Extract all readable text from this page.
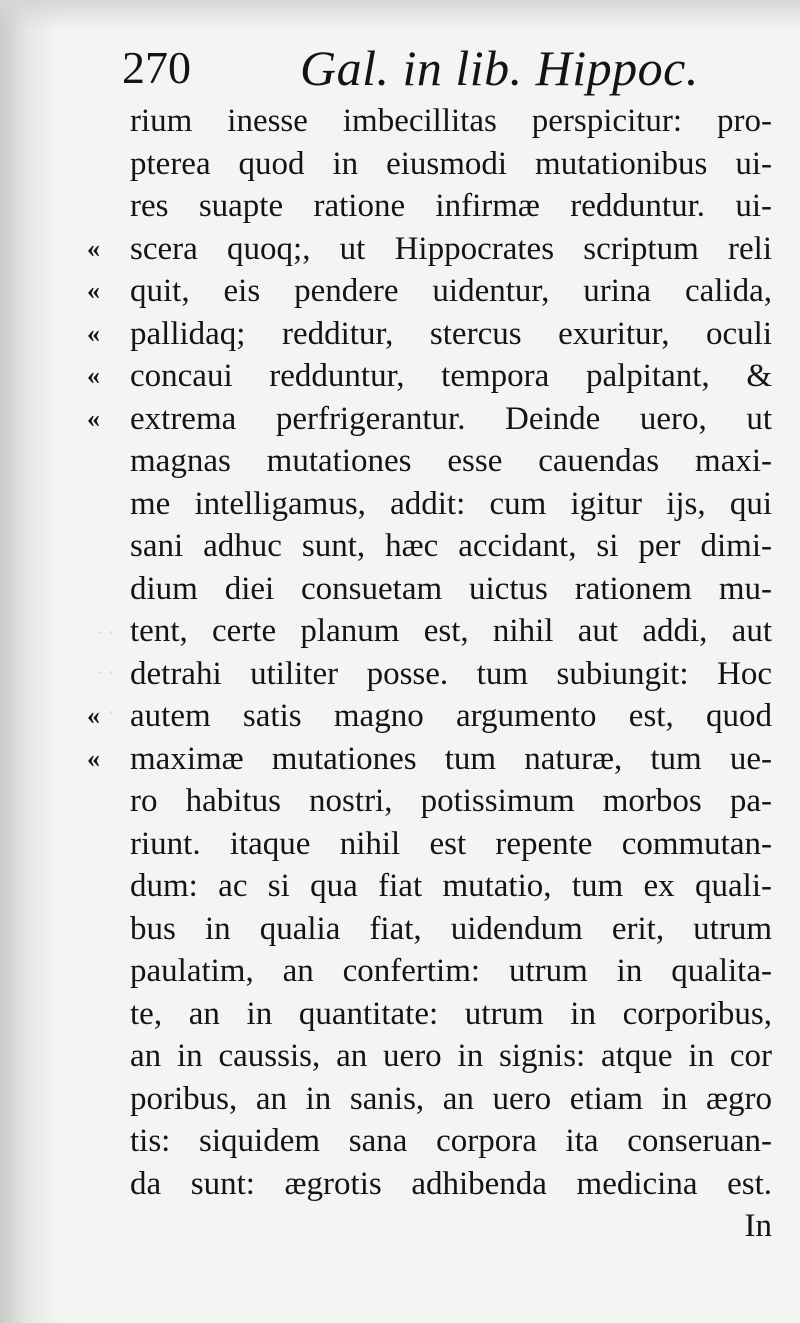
270 Gal. in lib. Hippoc.
rium inesse imbecillitas perspicitur: pro-
pterea quod in eiusmodi mutationibus ui-
res suapte ratione infirmæ redduntur. ui-
scera quoq;, ut Hippocrates scriptum reli
quit, eis pendere uidentur, urina calida,
pallidaq; redditur, stercus exuritur, oculi
concaui redduntur, tempora palpitant, &
extrema perfrigerantur. Deinde uero, ut
magnas mutationes esse cauendas maxi-
me intelligamus, addit: cum igitur ijs, qui
sani adhuc sunt, hæc accidant, si per dimi-
dium diei consuetam uictus rationem mu-
tent, certe planum est, nihil aut addi, aut
detrahi utiliter posse. tum subiungit: Hoc
autem satis magno argumento est, quod
maximæ mutationes tum naturæ, tum ue-
ro habitus nostri, potissimum morbos pa-
riunt. itaque nihil est repente commutan-
dum: ac si qua fiat mutatio, tum ex quali-
bus in qualia fiat, uidendum erit, utrum
paulatim, an confertim: utrum in qualita-
te, an in quantitate: utrum in corporibus,
an in caussis, an uero in signis: atque in cor
poribus, an in sanis, an uero etiam in ægro
tis: siquidem sana corpora ita conseruan-
da sunt: ægrotis adhibenda medicina est.
In
«
«
«
«
«
«
«
· ·
· ·
· ·
